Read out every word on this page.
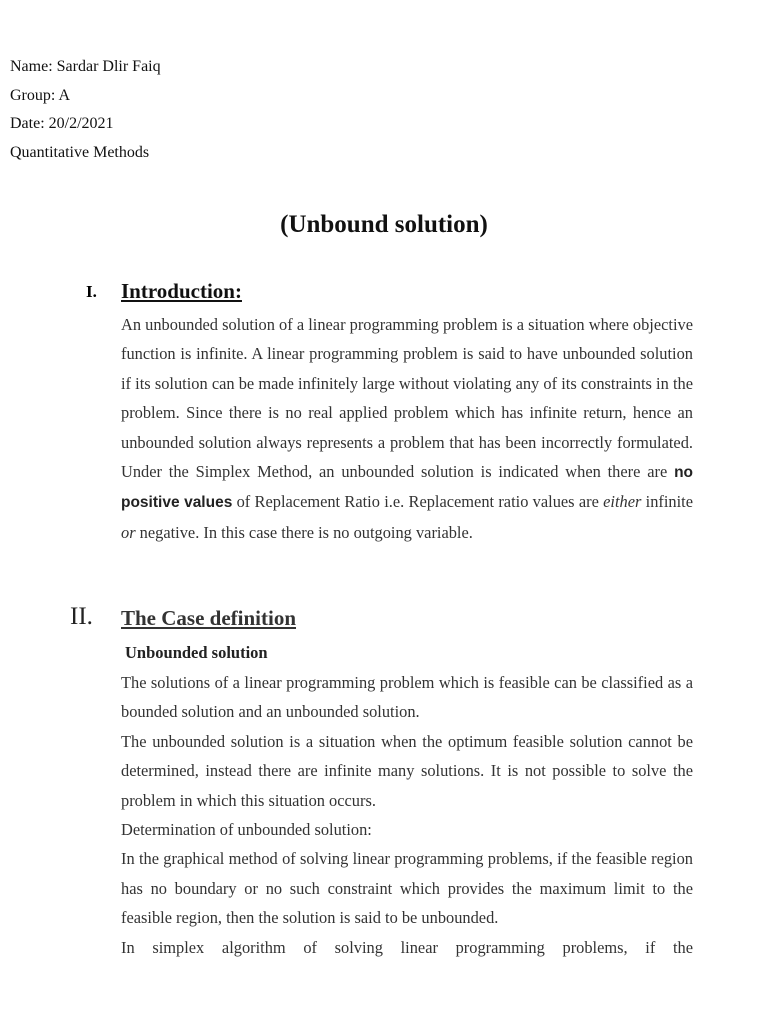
Name: Sardar Dlir Faiq
Group: A
Date: 20/2/2021
Quantitative Methods
(Unbound solution)
I. Introduction:
An unbounded solution of a linear programming problem is a situation where objective function is infinite. A linear programming problem is said to have unbounded solution if its solution can be made infinitely large without violating any of its constraints in the problem. Since there is no real applied problem which has infinite return, hence an unbounded solution always represents a problem that has been incorrectly formulated. Under the Simplex Method, an unbounded solution is indicated when there are no positive values of Replacement Ratio i.e. Replacement ratio values are either infinite or negative. In this case there is no outgoing variable.
II. The Case definition
Unbounded solution

The solutions of a linear programming problem which is feasible can be classified as a bounded solution and an unbounded solution.

The unbounded solution is a situation when the optimum feasible solution cannot be determined, instead there are infinite many solutions. It is not possible to solve the problem in which this situation occurs.

Determination of unbounded solution:

In the graphical method of solving linear programming problems, if the feasible region has no boundary or no such constraint which provides the maximum limit to the feasible region, then the solution is said to be unbounded.

In simplex algorithm of solving linear programming problems, if the
